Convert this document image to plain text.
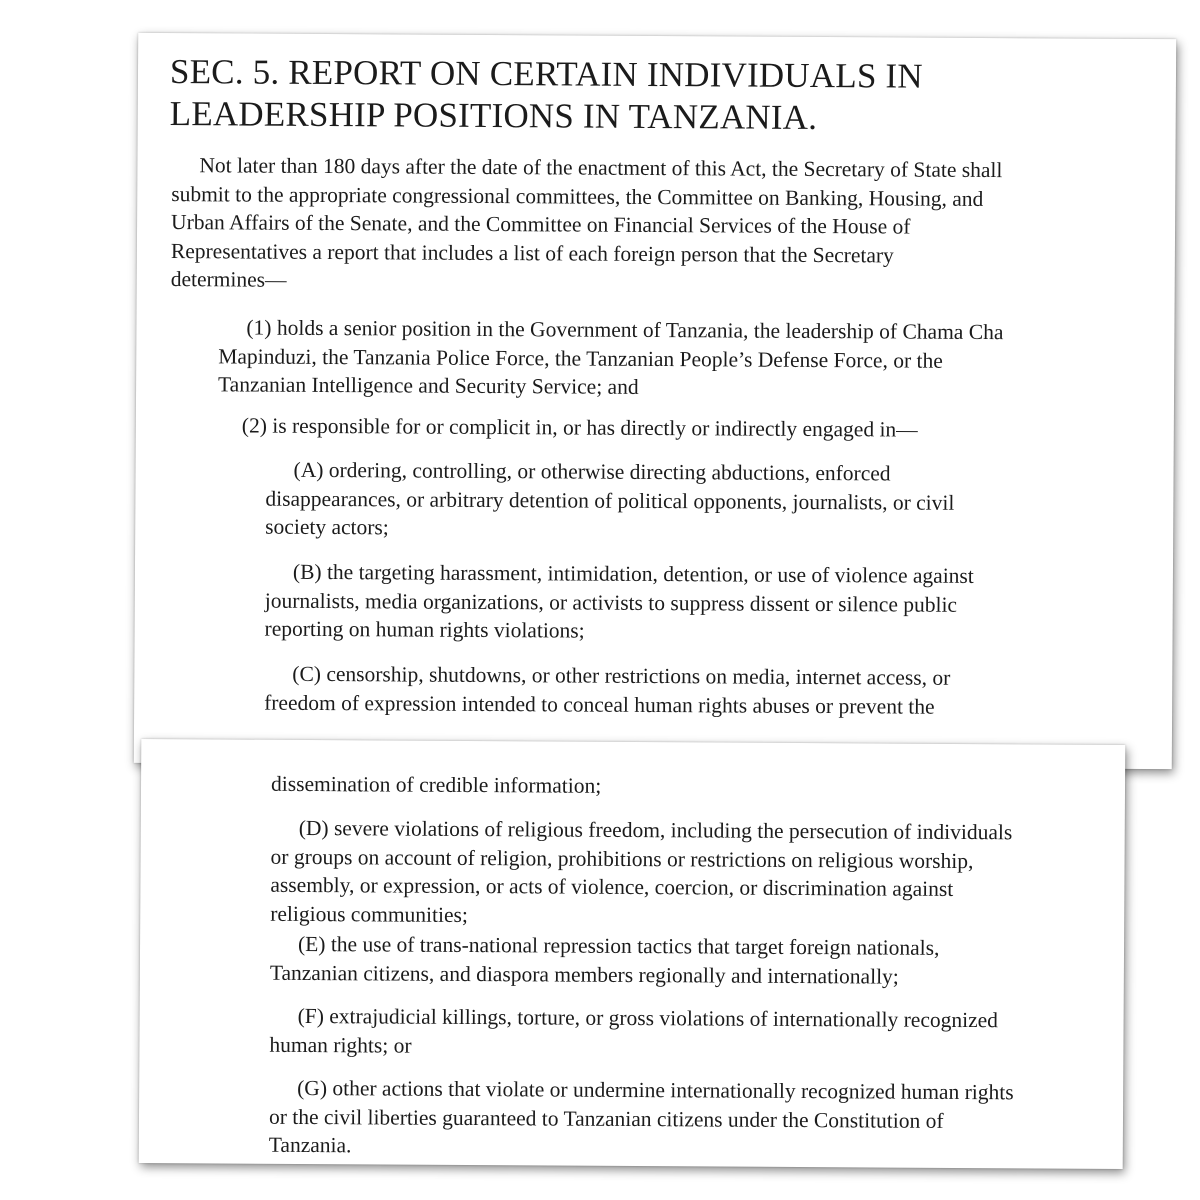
SEC. 5. REPORT ON CERTAIN INDIVIDUALS IN
LEADERSHIP POSITIONS IN TANZANIA.

Not later than 180 days after the date of the enactment of this Act, the Secretary of State shall
submit to the appropriate congressional committees, the Committee on Banking, Housing, and
Urban Affairs of the Senate, and the Committee on Financial Services of the House of
Representatives a report that includes a list of each foreign person that the Secretary
determines—

(1) holds a senior position in the Government of Tanzania, the leadership of Chama Cha
Mapinduzi, the Tanzania Police Force, the Tanzanian People’s Defense Force, or the
Tanzanian Intelligence and Security Service; and

(2) is responsible for or complicit in, or has directly or indirectly engaged in—

(A) ordering, controlling, or otherwise directing abductions, enforced
disappearances, or arbitrary detention of political opponents, journalists, or civil
society actors;

(B) the targeting harassment, intimidation, detention, or use of violence against
journalists, media organizations, or activists to suppress dissent or silence public
reporting on human rights violations;

(C) censorship, shutdowns, or other restrictions on media, internet access, or
freedom of expression intended to conceal human rights abuses or prevent the

dissemination of credible information;

(D) severe violations of religious freedom, including the persecution of individuals
or groups on account of religion, prohibitions or restrictions on religious worship,
assembly, or expression, or acts of violence, coercion, or discrimination against
religious communities;

(E) the use of trans-national repression tactics that target foreign nationals,
Tanzanian citizens, and diaspora members regionally and internationally;

(F) extrajudicial killings, torture, or gross violations of internationally recognized
human rights; or

(G) other actions that violate or undermine internationally recognized human rights
or the civil liberties guaranteed to Tanzanian citizens under the Constitution of
Tanzania.
